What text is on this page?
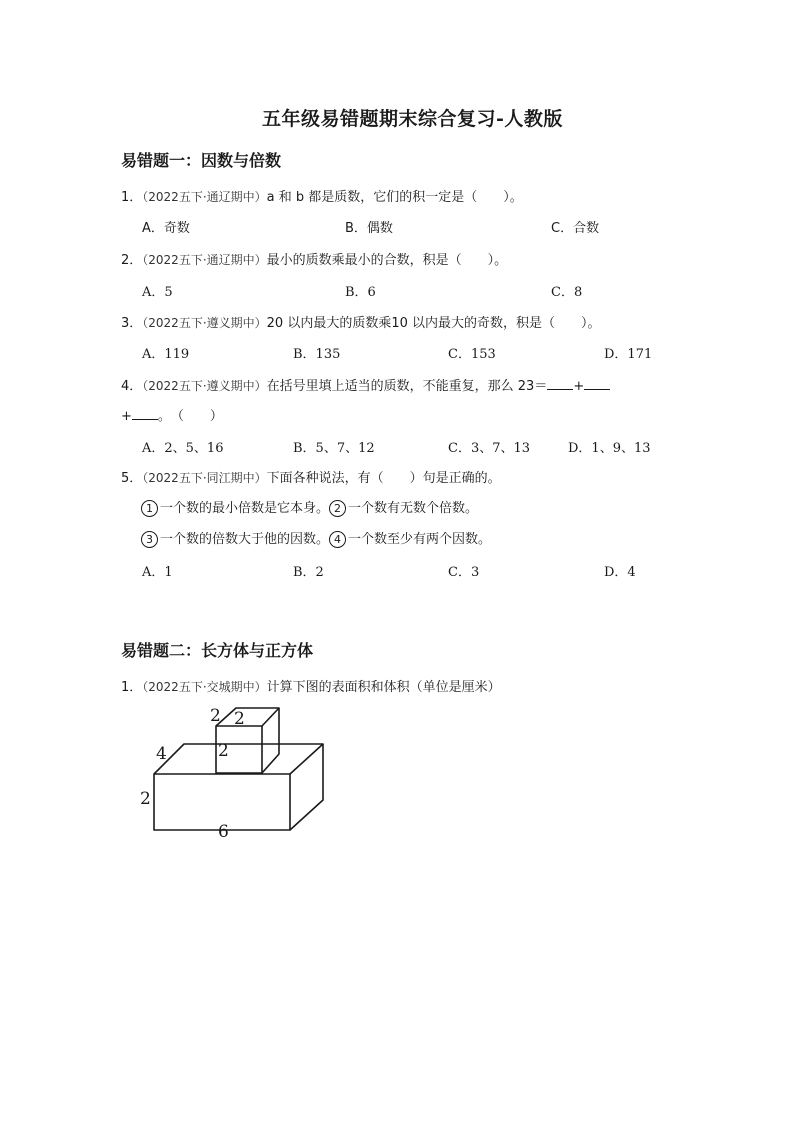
五年级易错题期末综合复习-人教版
易错题一：因数与倍数
1．（2022五下·通辽期中）a 和 b 都是质数，它们的积一定是（　　）。
A．奇数	B．偶数	C．合数
2．（2022五下·通辽期中）最小的质数乘最小的合数，积是（　　）。
A．5	B．6	C．8
3．（2022五下·遵义期中）20 以内最大的质数乘10 以内最大的奇数，积是（　　）。
A．119	B．135	C．153	D．171
4．（2022五下·遵义期中）在括号里填上适当的质数，不能重复，那么 23＝ +
+ 。　（　　）
A．2、5、16	B．5、7、12	C．3、7、13	D．1、9、13
5．（2022五下·同江期中）下面各种说法，有（　　）句是正确的。
1 一个数的最小倍数是它本身。 2 一个数有无数个倍数。
3 一个数的倍数大于他的因数。 4 一个数至少有两个因数。
A．1	B．2	C．3	D．4
易错题二：长方体与正方体
1．（2022五下·交城期中）计算下图的表面积和体积（单位是厘米）
2 2
2
4
2
6
